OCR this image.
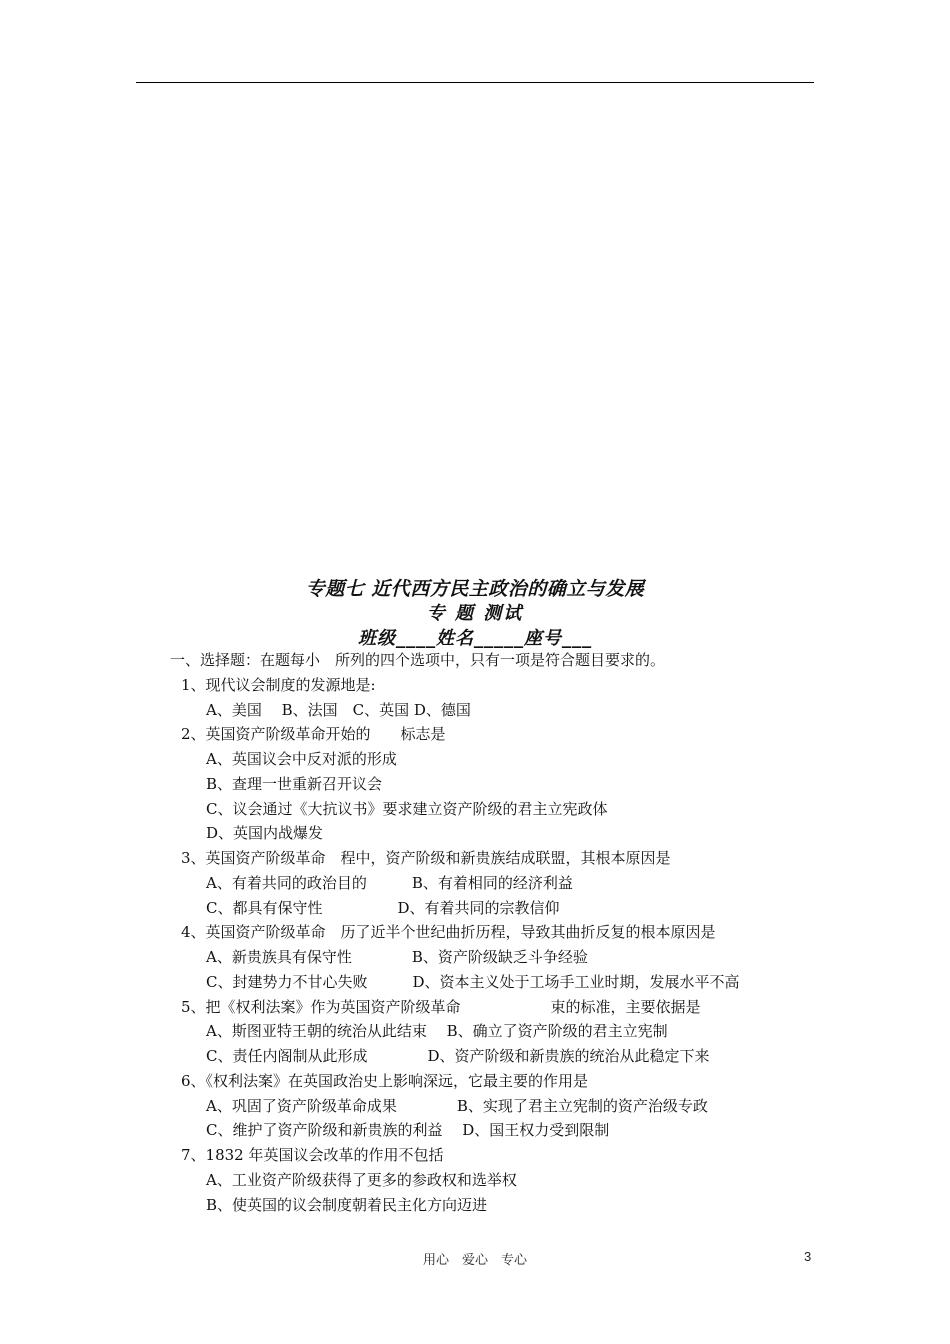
专题七 近代西方民主政治的确立与发展
专 题 测试
班级____姓名_____座号___
一、选择题：在题每小　所列的四个选项中，只有一项是符合题目要求的。
1、现代议会制度的发源地是:
A、美国　 B、法国　C、英国 D、德国
2、英国资产阶级革命开始的　　标志是
A、英国议会中反对派的形成
B、查理一世重新召开议会
C、议会通过《大抗议书》要求建立资产阶级的君主立宪政体
D、英国内战爆发
3、英国资产阶级革命　程中，资产阶级和新贵族结成联盟，其根本原因是
A、有着共同的政治目的　　　B、有着相同的经济利益
C、都具有保守性　　　　　D、有着共同的宗教信仰
4、英国资产阶级革命　历了近半个世纪曲折历程，导致其曲折反复的根本原因是
A、新贵族具有保守性　　　　B、资产阶级缺乏斗争经验
C、封建势力不甘心失败　　　D、资本主义处于工场手工业时期，发展水平不高
5、把《权利法案》作为英国资产阶级革命　　　　　　束的标准，主要依据是
A、斯图亚特王朝的统治从此结束　 B、确立了资产阶级的君主立宪制
C、责任内阁制从此形成　　　　D、资产阶级和新贵族的统治从此稳定下来
6、《权利法案》在英国政治史上影响深远，它最主要的作用是
A、巩固了资产阶级革命成果　　　　B、实现了君主立宪制的资产治级专政
C、维护了资产阶级和新贵族的利益　 D、国王权力受到限制
7、1832 年英国议会改革的作用不包括
A、工业资产阶级获得了更多的参政权和选举权
B、使英国的议会制度朝着民主化方向迈进
用心　爱心　专心	3
